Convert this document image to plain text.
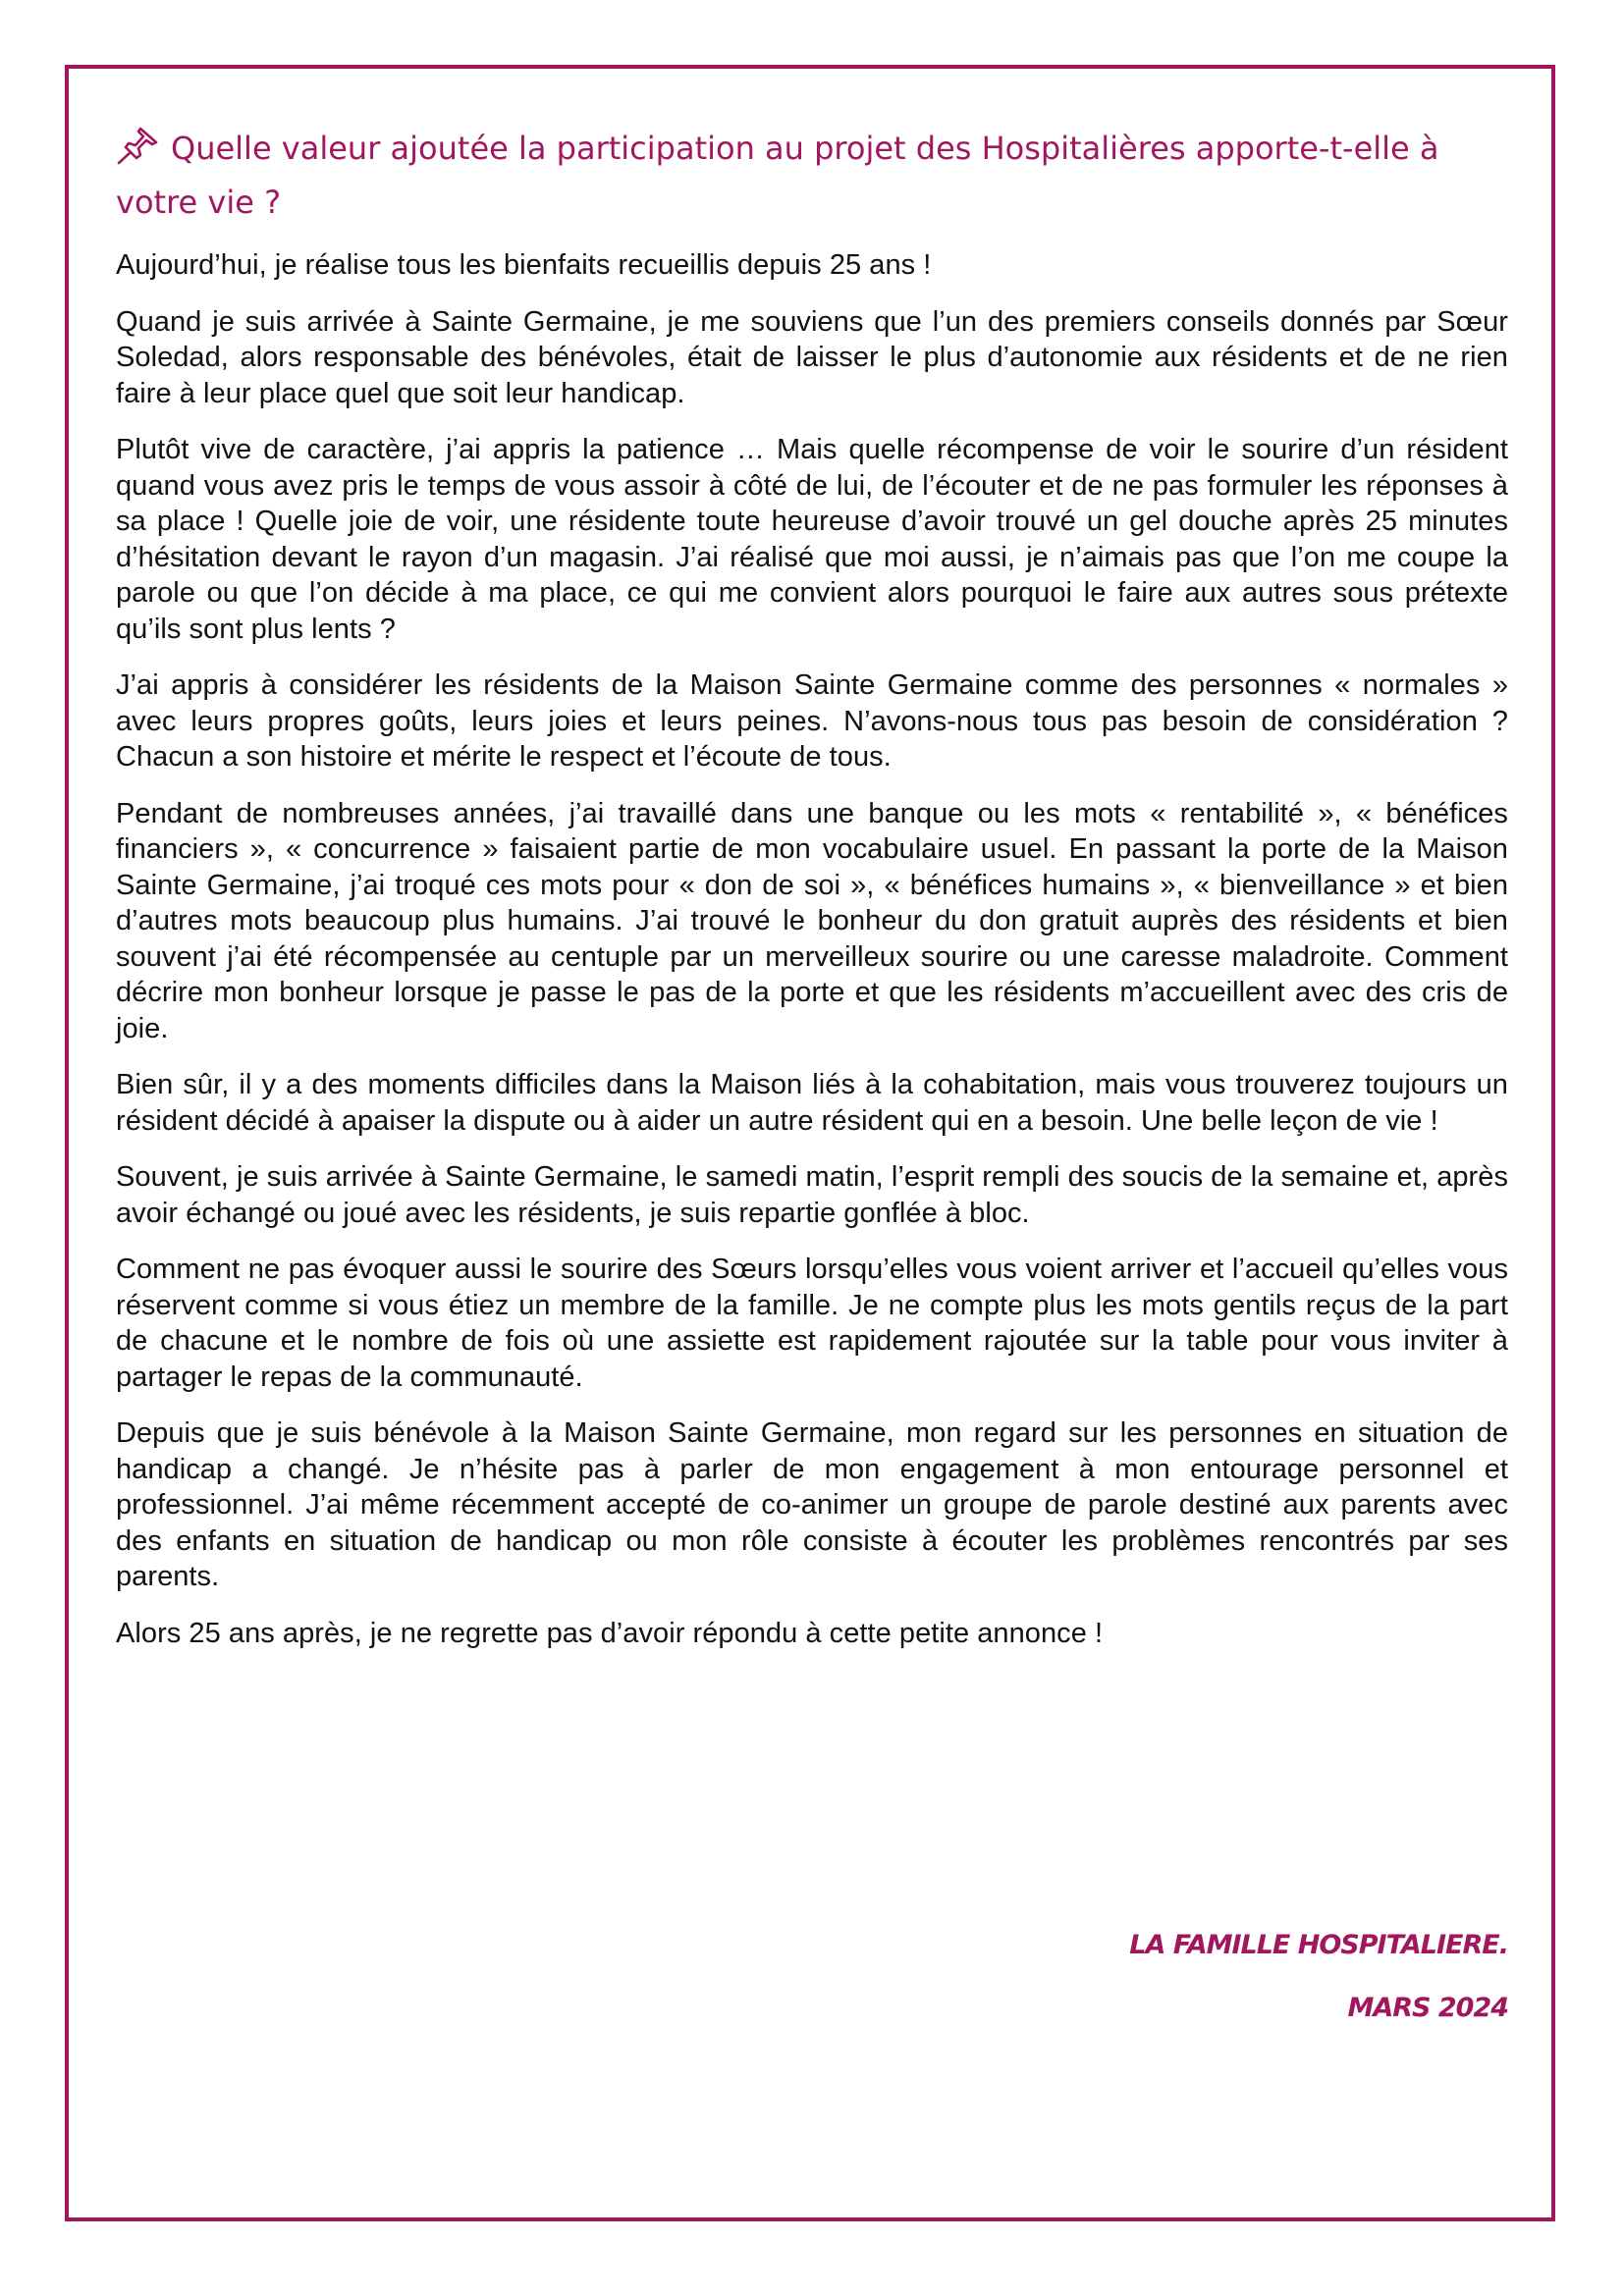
Quelle valeur ajoutée la participation au projet des Hospitalières apporte-t-elle à votre vie ?

Aujourd’hui, je réalise tous les bienfaits recueillis depuis 25 ans !

Quand je suis arrivée à Sainte Germaine, je me souviens que l’un des premiers conseils donnés par Sœur Soledad, alors responsable des bénévoles, était de laisser le plus d’autonomie aux résidents et de ne rien faire à leur place quel que soit leur handicap.

Plutôt vive de caractère, j’ai appris la patience … Mais quelle récompense de voir le sourire d’un résident quand vous avez pris le temps de vous assoir à côté de lui, de l’écouter et de ne pas formuler les réponses à sa place ! Quelle joie de voir, une résidente toute heureuse d’avoir trouvé un gel douche après 25 minutes d’hésitation devant le rayon d’un magasin. J’ai réalisé que moi aussi, je n’aimais pas que l’on me coupe la parole ou que l’on décide à ma place, ce qui me convient alors pourquoi le faire aux autres sous prétexte qu’ils sont plus lents ?

J’ai appris à considérer les résidents de la Maison Sainte Germaine comme des personnes « normales » avec leurs propres goûts, leurs joies et leurs peines. N’avons-nous tous pas besoin de considération ? Chacun a son histoire et mérite le respect et l’écoute de tous.

Pendant de nombreuses années, j’ai travaillé dans une banque ou les mots « rentabilité », « bénéfices financiers », « concurrence » faisaient partie de mon vocabulaire usuel. En passant la porte de la Maison Sainte Germaine, j’ai troqué ces mots pour « don de soi », « bénéfices humains », « bienveillance » et bien d’autres mots beaucoup plus humains. J’ai trouvé le bonheur du don gratuit auprès des résidents et bien souvent j’ai été récompensée au centuple par un merveilleux sourire ou une caresse maladroite. Comment décrire mon bonheur lorsque je passe le pas de la porte et que les résidents m’accueillent avec des cris de joie.

Bien sûr, il y a des moments difficiles dans la Maison liés à la cohabitation, mais vous trouverez toujours un résident décidé à apaiser la dispute ou à aider un autre résident qui en a besoin. Une belle leçon de vie !

Souvent, je suis arrivée à Sainte Germaine, le samedi matin, l’esprit rempli des soucis de la semaine et, après avoir échangé ou joué avec les résidents, je suis repartie gonflée à bloc.

Comment ne pas évoquer aussi le sourire des Sœurs lorsqu’elles vous voient arriver et l’accueil qu’elles vous réservent comme si vous étiez un membre de la famille. Je ne compte plus les mots gentils reçus de la part de chacune et le nombre de fois où une assiette est rapidement rajoutée sur la table pour vous inviter à partager le repas de la communauté.

Depuis que je suis bénévole à la Maison Sainte Germaine, mon regard sur les personnes en situation de handicap a changé. Je n’hésite pas à parler de mon engagement à mon entourage personnel et professionnel. J’ai même récemment accepté de co-animer un groupe de parole destiné aux parents avec des enfants en situation de handicap ou mon rôle consiste à écouter les problèmes rencontrés par ses parents.

Alors 25 ans après, je ne regrette pas d’avoir répondu à cette petite annonce !

LA FAMILLE HOSPITALIERE.
MARS 2024
